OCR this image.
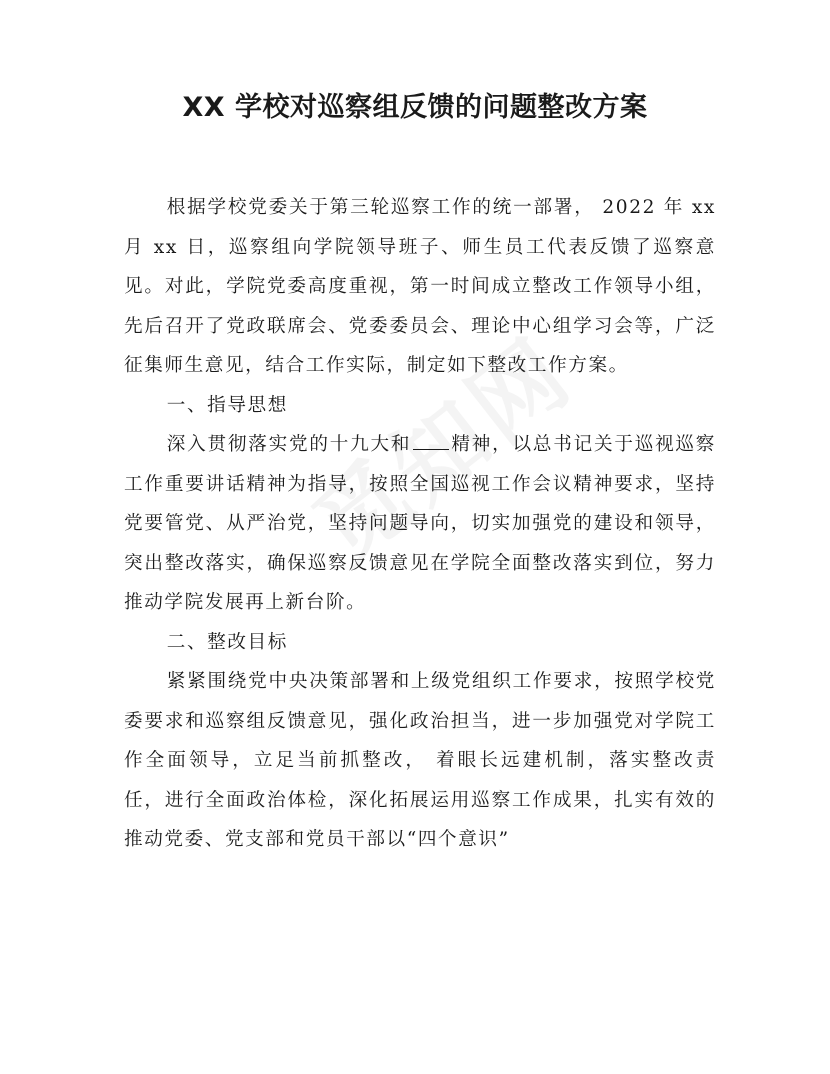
XX 学校对巡察组反馈的问题整改方案

根据学校党委关于第三轮巡察工作的统一部署， 2022 年 xx 月 xx 日，巡察组向学院领导班子、师生员工代表反馈了巡察意见。对此，学院党委高度重视，第一时间成立整改工作领导小组，先后召开了党政联席会、党委委员会、理论中心组学习会等，广泛征集师生意见，结合工作实际，制定如下整改工作方案。

一、指导思想

深入贯彻落实党的十九大和 精神，以总书记关于巡视巡察工作重要讲话精神为指导，按照全国巡视工作会议精神要求，坚持党要管党、从严治党，坚持问题导向，切实加强党的建设和领导，突出整改落实，确保巡察反馈意见在学院全面整改落实到位，努力推动学院发展再上新台阶。

二、整改目标

紧紧围绕党中央决策部署和上级党组织工作要求，按照学校党委要求和巡察组反馈意见，强化政治担当，进一步加强党对学院工作全面领导，立足当前抓整改， 着眼长远建机制，落实整改责任，进行全面政治体检，深化拓展运用巡察工作成果，扎实有效的推动党委、党支部和党员干部以“四个意识”
